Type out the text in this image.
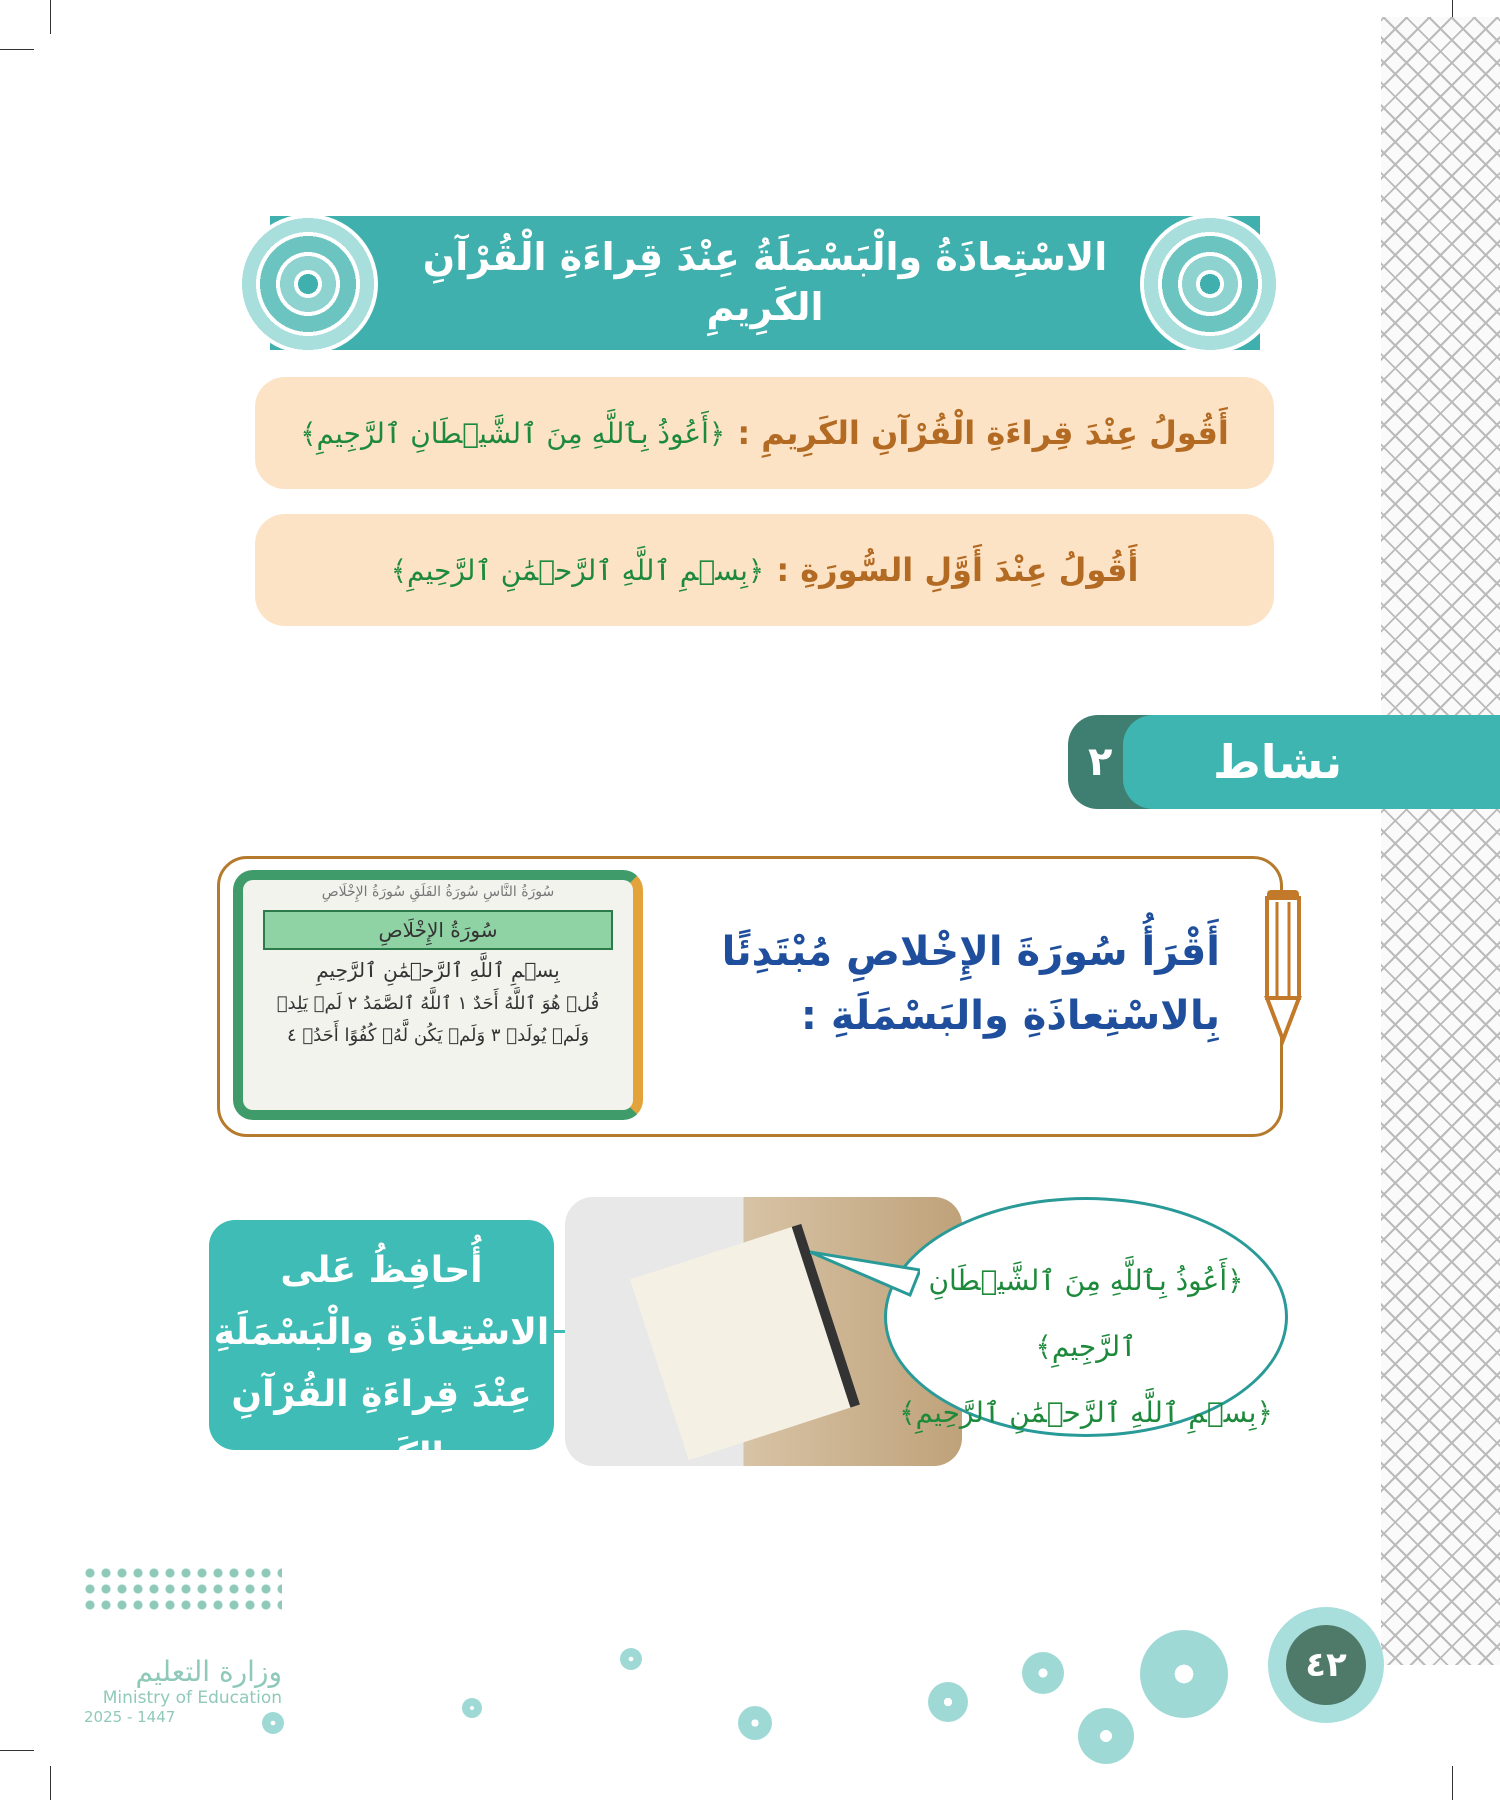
الاسْتِعاذَةُ والْبَسْمَلَةُ عِنْدَ قِراءَةِ الْقُرْآنِ الكَرِيمِ
أَقُولُ عِنْدَ قِراءَةِ الْقُرْآنِ الكَرِيمِ :
﴿أَعُوذُ بِٱللَّهِ مِنَ ٱلشَّيۡطَانِ ٱلرَّجِيمِ﴾
أَقُولُ عِنْدَ أَوَّلِ السُّورَةِ :
﴿بِسۡمِ ٱللَّهِ ٱلرَّحۡمَٰنِ ٱلرَّحِيمِ﴾
٢	نشاط
سُورَةُ النَّاسِ سُورَةُ الفَلَقِ سُورَةُ الإِخْلَاصِ
سُورَةُ الإِخْلَاصِ
بِسۡمِ ٱللَّهِ ٱلرَّحۡمَٰنِ ٱلرَّحِيمِ
قُلۡ هُوَ ٱللَّهُ أَحَدٌ ١ ٱللَّهُ ٱلصَّمَدُ ٢ لَمۡ يَلِدۡ وَلَمۡ يُولَدۡ ٣ وَلَمۡ يَكُن لَّهُۥ كُفُوًا أَحَدُۢ ٤
أَقْرَأُ سُورَةَ الإِخْلاصِ مُبْتَدِئًا بِالاسْتِعاذَةِ والبَسْمَلَةِ :
أُحافِظُ عَلى الاسْتِعاذَةِ والْبَسْمَلَةِ عِنْدَ قِراءَةِ القُرْآنِ الكَرِيمِ.
﴿أَعُوذُ بِٱللَّهِ مِنَ ٱلشَّيۡطَانِ ٱلرَّجِيمِ﴾
﴿بِسۡمِ ٱللَّهِ ٱلرَّحۡمَٰنِ ٱلرَّحِيمِ﴾
وزارة التعليم
Ministry of Education
2025 - 1447
٤٢
